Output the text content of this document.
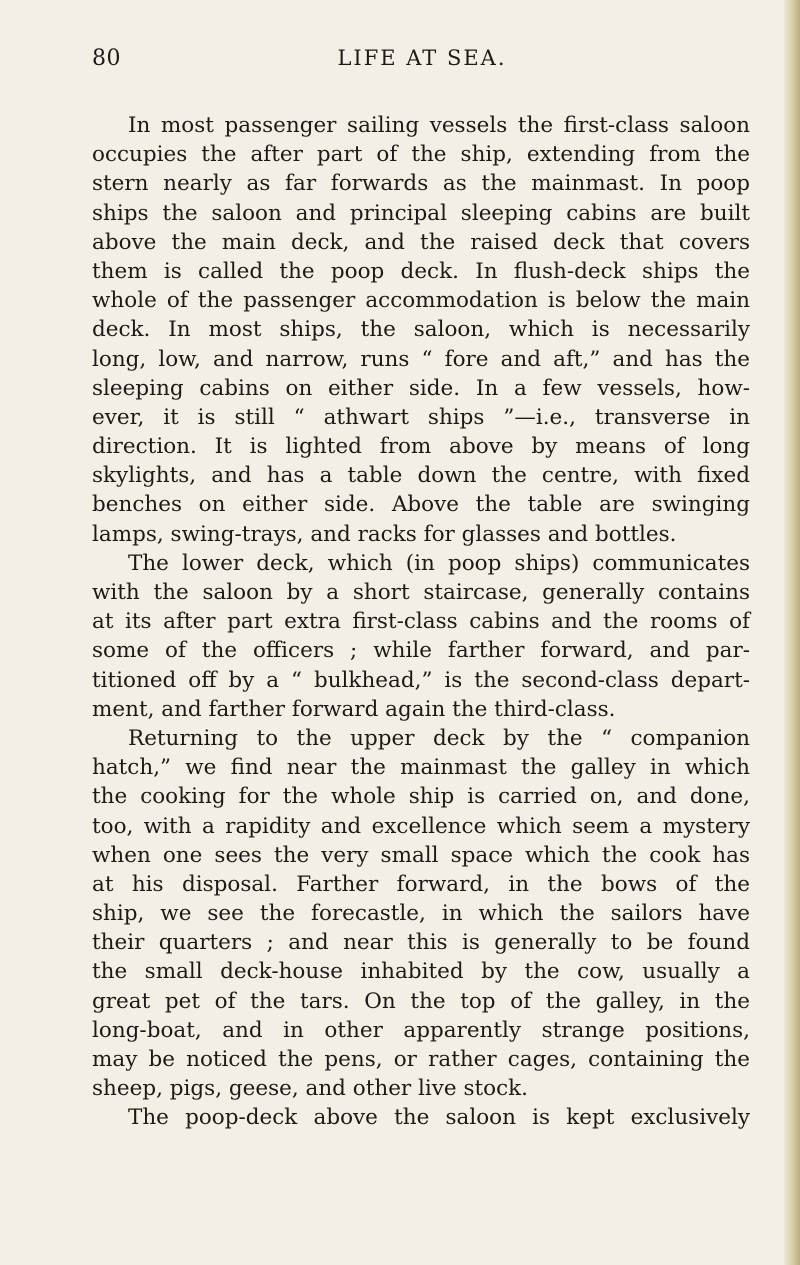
80	LIFE AT SEA.
In most passenger sailing vessels the first-class saloon
occupies the after part of the ship, extending from the
stern nearly as far forwards as the mainmast. In poop
ships the saloon and principal sleeping cabins are built
above the main deck, and the raised deck that covers
them is called the poop deck. In flush-deck ships the
whole of the passenger accommodation is below the main
deck. In most ships, the saloon, which is necessarily
long, low, and narrow, runs “ fore and aft,” and has the
sleeping cabins on either side. In a few vessels, how-
ever, it is still “ athwart ships ”—i.e., transverse in
direction. It is lighted from above by means of long
skylights, and has a table down the centre, with fixed
benches on either side. Above the table are swinging
lamps, swing-trays, and racks for glasses and bottles.
The lower deck, which (in poop ships) communicates
with the saloon by a short staircase, generally contains
at its after part extra first-class cabins and the rooms of
some of the officers ; while farther forward, and par-
titioned off by a “ bulkhead,” is the second-class depart-
ment, and farther forward again the third-class.
Returning to the upper deck by the “ companion
hatch,” we find near the mainmast the galley in which
the cooking for the whole ship is carried on, and done,
too, with a rapidity and excellence which seem a mystery
when one sees the very small space which the cook has
at his disposal. Farther forward, in the bows of the
ship, we see the forecastle, in which the sailors have
their quarters ; and near this is generally to be found
the small deck-house inhabited by the cow, usually a
great pet of the tars. On the top of the galley, in the
long-boat, and in other apparently strange positions,
may be noticed the pens, or rather cages, containing the
sheep, pigs, geese, and other live stock.
The poop-deck above the saloon is kept exclusively
